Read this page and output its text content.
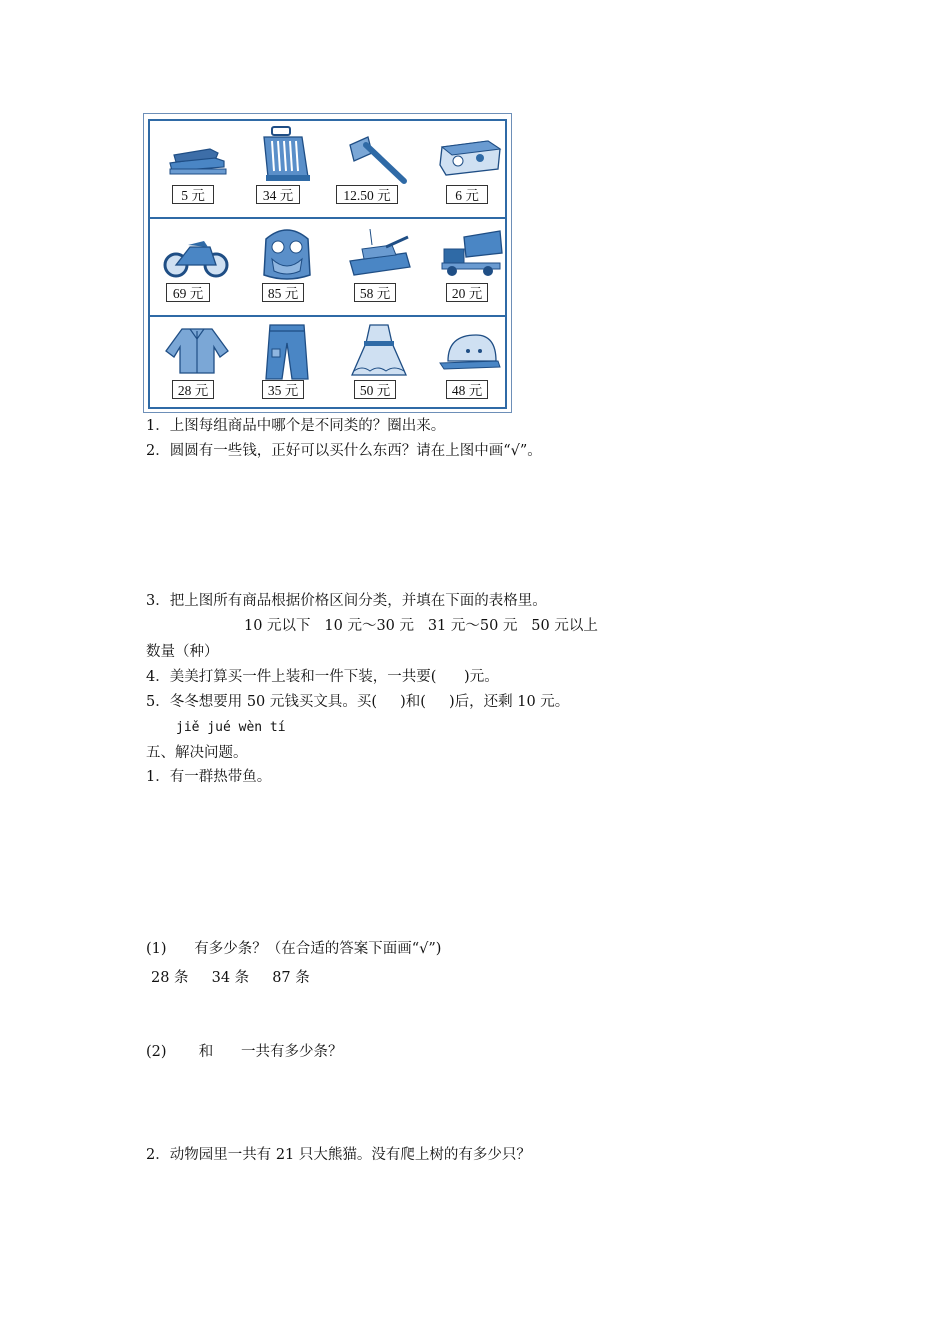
5 元	34 元	12.50 元	6 元
69 元	85 元	58 元	20 元
28 元	35 元	50 元	48 元
1．上图每组商品中哪个是不同类的？圈出来。
2．圆圆有一些钱，正好可以买什么东西？请在上图中画“√”。
3．把上图所有商品根据价格区间分类，并填在下面的表格里。
10 元以下   10 元～30 元   31 元～50 元   50 元以上
数量（种）
4．美美打算买一件上装和一件下装，一共要(      )元。
5．冬冬想要用 50 元钱买文具。买(     )和(     )后，还剩 10 元。
jiě jué wèn tí
五、解决问题。
1．有一群热带鱼。
(1)      有多少条？（在合适的答案下面画“√”)
28 条     34 条     87 条
(2)       和      一共有多少条？
2．动物园里一共有 21 只大熊猫。没有爬上树的有多少只？
